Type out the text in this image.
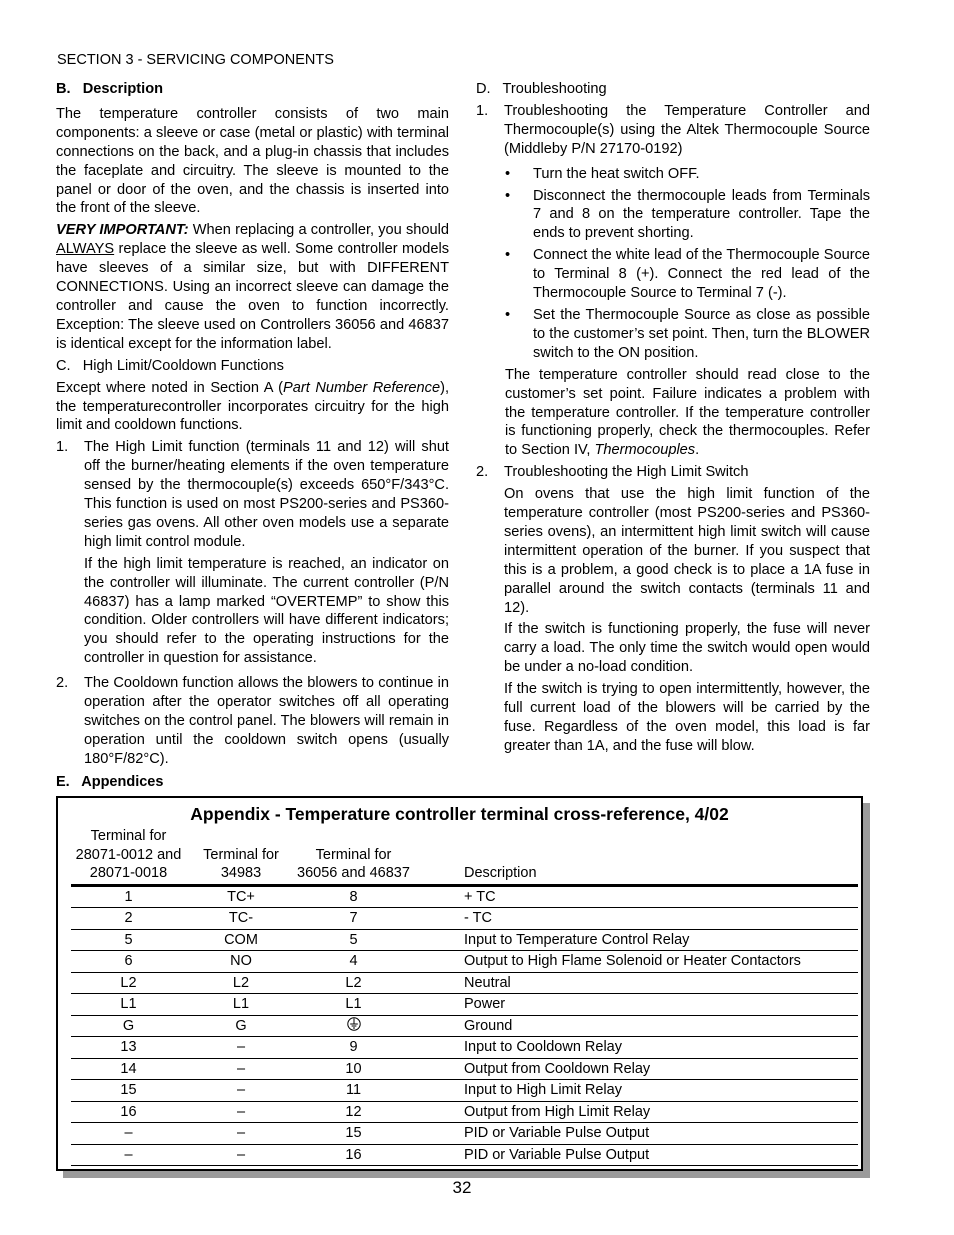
SECTION 3 - SERVICING COMPONENTS

B.   Description

The temperature controller consists of two main components: a sleeve or case (metal or plastic) with terminal connections on the back, and a plug-in chassis that includes the faceplate and circuitry. The sleeve is mounted to the panel or door of the oven, and the chassis is inserted into the front of the sleeve.

VERY IMPORTANT: When replacing a controller, you should ALWAYS replace the sleeve as well. Some controller models have sleeves of a similar size, but with DIFFERENT CONNECTIONS. Using an incorrect sleeve can damage the controller and cause the oven to function incorrectly. Exception: The sleeve used on Controllers 36056 and 46837 is identical except for the information label.

C.   High Limit/Cooldown Functions

Except where noted in Section A (Part Number Reference), the temperaturecontroller incorporates circuitry for the high limit and cooldown functions.

1.	The High Limit function (terminals 11 and 12) will shut off the burner/heating elements if the oven temperature sensed by the thermocouple(s) exceeds 650°F/343°C. This function is used on most PS200-series and PS360-series gas ovens. All other oven models use a separate high limit control module.

If the high limit temperature is reached, an indicator on the controller will illuminate. The current controller (P/N 46837) has a lamp marked “OVERTEMP” to show this condition. Older controllers will have different indicators; you should refer to the operating instructions for the controller in question for assistance.

2.	The Cooldown function allows the blowers to continue in operation after the operator switches off all operating switches on the control panel. The blowers will remain in operation until the cooldown switch opens (usually 180°F/82°C).

D.   Troubleshooting

1.	Troubleshooting the Temperature Controller and Thermocouple(s) using the Altek Thermocouple Source (Middleby P/N 27170-0192)

•	Turn the heat switch OFF.
•	Disconnect the thermocouple leads from Terminals 7 and 8 on the temperature controller. Tape the ends to prevent shorting.
•	Connect the white lead of the Thermocouple Source to Terminal 8 (+). Connect the red lead of the Thermocouple Source to Terminal 7 (-).
•	Set the Thermocouple Source as close as possible to the customer’s set point. Then, turn the BLOWER switch to the ON position.

The temperature controller should read close to the customer’s set point. Failure indicates a problem with the temperature controller. If the temperature controller is functioning properly, check the thermocouples. Refer to Section IV, Thermocouples.

2.	Troubleshooting the High Limit Switch

On ovens that use the high limit function of the temperature controller (most PS200-series and PS360-series ovens), an intermittent high limit switch will cause intermittent operation of the burner. If you suspect that this is a problem, a good check is to place a 1A fuse in parallel around the switch contacts (terminals 11 and 12).

If the switch is functioning properly, the fuse will never carry a load. The only time the switch would open would be under a no-load condition.

If the switch is trying to open intermittently, however, the full current load of the blowers will be carried by the fuse. Regardless of the oven model, this load is far greater than 1A, and the fuse will blow.

E.   Appendices
Appendix - Temperature controller terminal cross-reference, 4/02
Terminal for 28071-0012 and 28071-0018	Terminal for 34983	Terminal for 36056 and 46837	Description
1	TC+	8	+ TC
2	TC-	7	- TC
5	COM	5	Input to Temperature Control Relay
6	NO	4	Output to High Flame Solenoid or Heater Contactors
L2	L2	L2	Neutral
L1	L1	L1	Power
G	G		Ground
13	–	9	Input to Cooldown Relay
14	–	10	Output from Cooldown Relay
15	–	11	Input to High Limit Relay
16	–	12	Output from High Limit Relay
–	–	15	PID or Variable Pulse Output
–	–	16	PID or Variable Pulse Output
32
